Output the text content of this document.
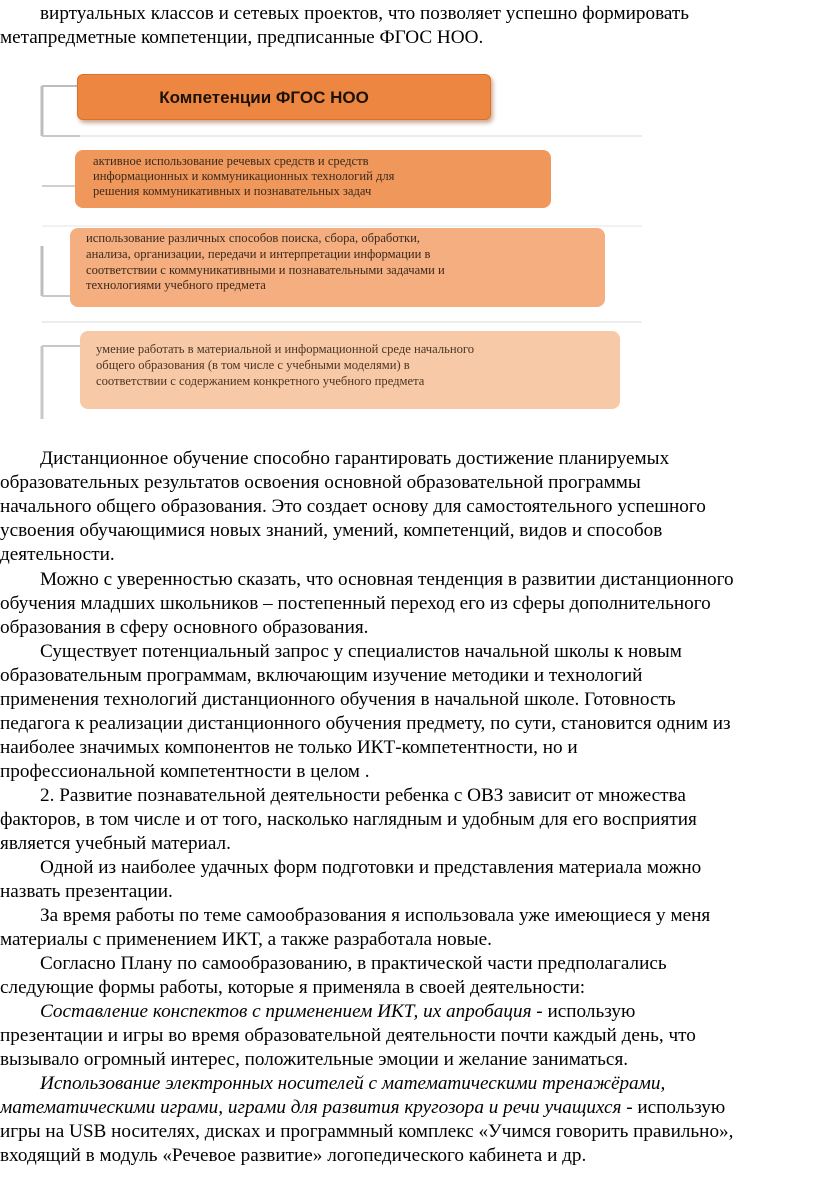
виртуальных классов и сетевых проектов, что позволяет успешно формировать
метапредметные компетенции, предписанные ФГОС НОО.
Компетенции ФГОС НОО
активное использование речевых средств и средств
информационных и коммуникационных технологий для
решения коммуникативных и познавательных задач
использование различных способов поиска, сбора, обработки,
анализа, организации, передачи и интерпретации информации в
соответствии с коммуникативными и познавательными задачами и
технологиями учебного предмета
умение работать в материальной и информационной среде начального
общего образования (в том числе с учебными моделями) в
соответствии с содержанием конкретного учебного предмета
Дистанционное обучение способно гарантировать достижение планируемых
образовательных результатов освоения основной образовательной программы
начального общего образования. Это создает основу для самостоятельного успешного
усвоения обучающимися новых знаний, умений, компетенций, видов и способов
деятельности.
Можно с уверенностью сказать, что основная тенденция в развитии дистанционного
обучения младших школьников – постепенный переход его из сферы дополнительного
образования в сферу основного образования.
Существует потенциальный запрос у специалистов начальной школы к новым
образовательным программам, включающим изучение методики и технологий
применения технологий дистанционного обучения в начальной школе. Готовность
педагога к реализации дистанционного обучения предмету, по сути, становится одним из
наиболее значимых компонентов не только ИКТ-компетентности, но и
профессиональной компетентности в целом .
2. Развитие познавательной деятельности ребенка с ОВЗ зависит от множества
факторов, в том числе и от того, насколько наглядным и удобным для его восприятия
является учебный материал.
Одной из наиболее удачных форм подготовки и представления материала можно
назвать презентации.
За время работы по теме самообразования я использовала уже имеющиеся у меня
материалы с применением ИКТ, а также разработала новые.
Согласно Плану по самообразованию, в практической части предполагались
следующие формы работы, которые я применяла в своей деятельности:
Составление конспектов с применением ИКТ, их апробация - использую
презентации и игры во время образовательной деятельности почти каждый день, что
вызывало огромный интерес, положительные эмоции и желание заниматься.
Использование электронных носителей с математическими тренажёрами,
математическими играми, играми для развития кругозора и речи учащихся - использую
игры на USB носителях, дисках и программный комплекс «Учимся говорить правильно»,
входящий в модуль «Речевое развитие» логопедического кабинета и др.
